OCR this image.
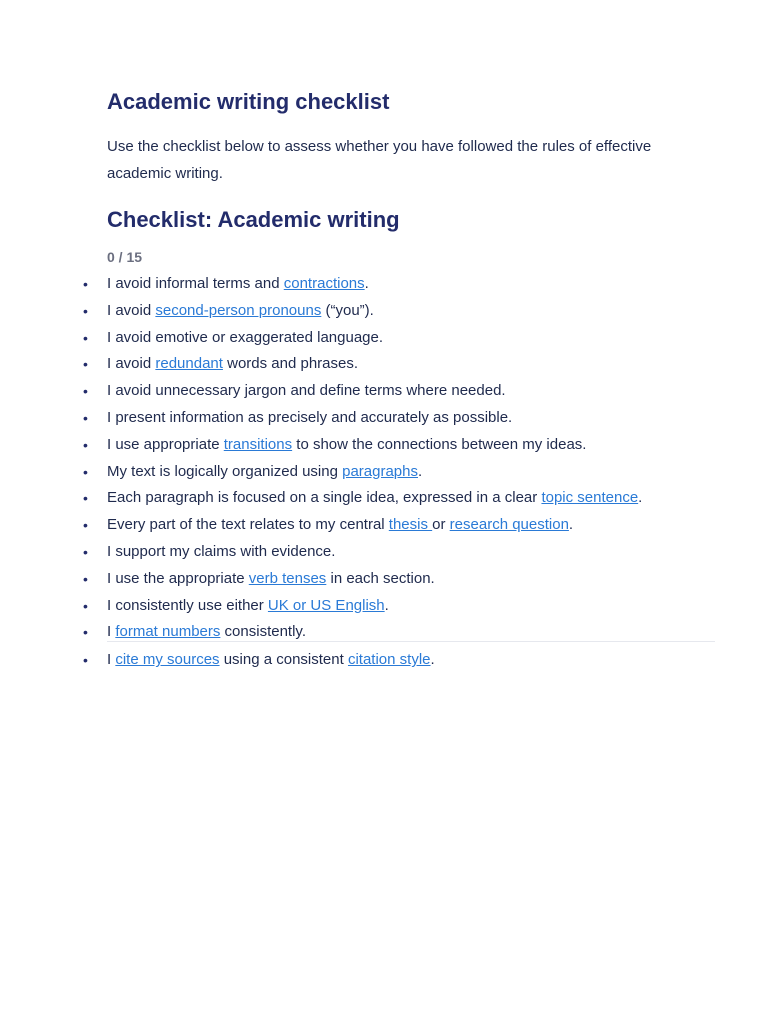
Academic writing checklist

Use the checklist below to assess whether you have followed the rules of effective academic writing.

Checklist: Academic writing
0 / 15
• I avoid informal terms and contractions.
• I avoid second-person pronouns (“you”).
• I avoid emotive or exaggerated language.
• I avoid redundant words and phrases.
• I avoid unnecessary jargon and define terms where needed.
• I present information as precisely and accurately as possible.
• I use appropriate transitions to show the connections between my ideas.
• My text is logically organized using paragraphs.
• Each paragraph is focused on a single idea, expressed in a clear topic sentence.
• Every part of the text relates to my central thesis or research question.
• I support my claims with evidence.
• I use the appropriate verb tenses in each section.
• I consistently use either UK or US English.
• I format numbers consistently.
• I cite my sources using a consistent citation style.
